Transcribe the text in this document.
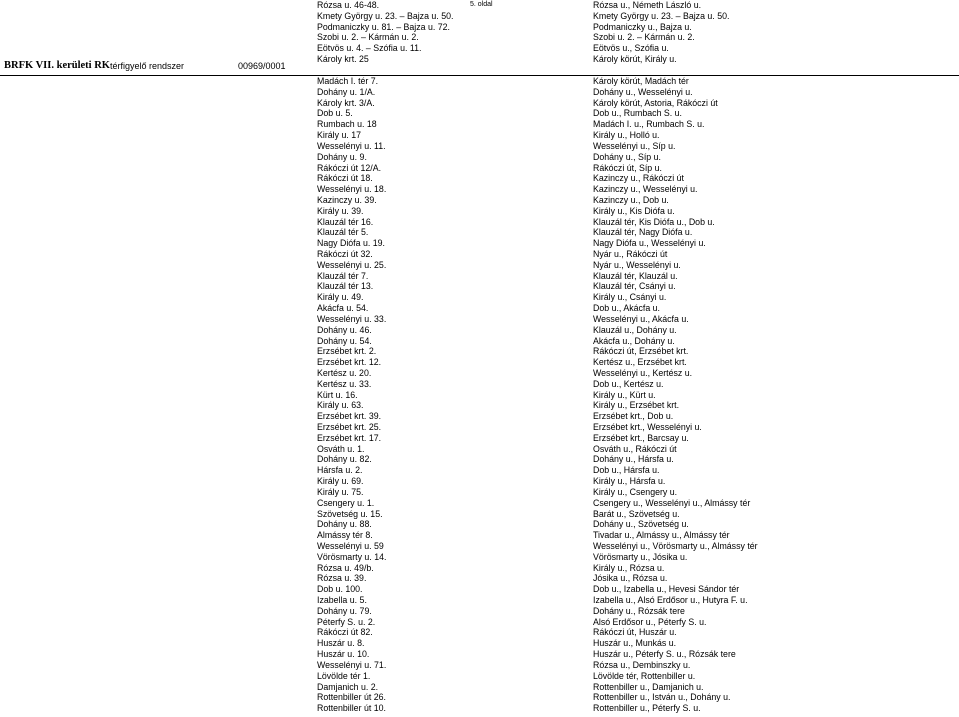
5. oldal
BRFK VII. kerületi RK térfigyelő rendszer	00969/0001
Rózsa u. 46-48.
Kmety György u. 23. – Bajza u. 50.
Podmaniczky u. 81. – Bajza u. 72.
Szobi u. 2. – Kármán u. 2.
Eötvös u. 4. – Szófia u. 11.
Károly krt. 25
Rózsa u., Németh László u.
Kmety György u. 23. – Bajza u. 50.
Podmaniczky u., Bajza u.
Szobi u. 2. – Kármán u. 2.
Eötvös u., Szófia u.
Károly körút, Király u.
Madách I. tér 7.
Dohány u. 1/A.
Károly krt. 3/A.
Dob u. 5.
Rumbach u. 18
Király u. 17
Wesselényi u. 11.
Dohány u. 9.
Rákóczi út 12/A.
Rákóczi út 18.
Wesselényi u. 18.
Kazinczy u. 39.
Király u. 39.
Klauzál tér 16.
Klauzál tér 5.
Nagy Diófa u. 19.
Rákóczi út 32.
Wesselényi u. 25.
Klauzál tér 7.
Klauzál tér 13.
Király u. 49.
Akácfa u. 54.
Wesselényi u. 33.
Dohány u. 46.
Dohány u. 54.
Erzsébet krt. 2.
Erzsébet krt. 12.
Kertész u. 20.
Kertész u. 33.
Kürt u. 16.
Király u. 63.
Erzsébet krt. 39.
Erzsébet krt. 25.
Erzsébet krt. 17.
Osváth u. 1.
Dohány u. 82.
Hársfa u. 2.
Király u. 69.
Király u. 75.
Csengery u. 1.
Szövetség u. 15.
Dohány u. 88.
Almássy tér 8.
Wesselényi u. 59
Vörösmarty u. 14.
Rózsa u. 49/b.
Rózsa u. 39.
Dob u. 100.
Izabella u. 5.
Dohány u. 79.
Péterfy S. u. 2.
Rákóczi út 82.
Huszár u. 8.
Huszár u. 10.
Wesselényi u. 71.
Lövölde tér 1.
Damjanich u. 2.
Rottenbiller út 26.
Rottenbiller út 10.
Károly körút, Madách tér
Dohány u., Wesselényi u.
Károly körút, Astoria, Rákóczi út
Dob u., Rumbach S. u.
Madách I. u., Rumbach S. u.
Király u., Holló u.
Wesselényi u., Síp u.
Dohány u., Síp u.
Rákóczi út, Síp u.
Kazinczy u., Rákóczi út
Kazinczy u., Wesselényi u.
Kazinczy u., Dob u.
Király u., Kis Diófa u.
Klauzál tér, Kis Diófa u., Dob u.
Klauzál tér, Nagy Diófa u.
Nagy Diófa u., Wesselényi u.
Nyár u., Rákóczi út
Nyár u., Wesselényi u.
Klauzál tér, Klauzál u.
Klauzál tér, Csányi u.
Király u., Csányi u.
Dob u., Akácfa u.
Wesselényi u., Akácfa u.
Klauzál u., Dohány u.
Akácfa u., Dohány u.
Rákóczi út, Erzsébet krt.
Kertész u., Erzsébet krt.
Wesselényi u., Kertész u.
Dob u., Kertész u.
Király u., Kürt u.
Király u., Erzsébet krt.
Erzsébet krt., Dob u.
Erzsébet krt., Wesselényi u.
Erzsébet krt., Barcsay u.
Osváth u., Rákóczi út
Dohány u., Hársfa u.
Dob u., Hársfa u.
Király u., Hársfa u.
Király u., Csengery u.
Csengery u., Wesselényi u., Almássy tér
Barát u., Szövetség u.
Dohány u., Szövetség u.
Tivadar u., Almássy u., Almássy tér
Wesselényi u., Vörösmarty u., Almássy tér
Vörösmarty u., Jósika u.
Király u., Rózsa u.
Jósika u., Rózsa u.
Dob u., Izabella u., Hevesi Sándor tér
Izabella u., Alsó Erdősor u., Hutyra F. u.
Dohány u., Rózsák tere
Alsó Erdősor u., Péterfy S. u.
Rákóczi út, Huszár u.
Huszár u., Munkás u.
Huszár u., Péterfy S. u., Rózsák tere
Rózsa u., Dembinszky u.
Lövölde tér, Rottenbiller u.
Rottenbiller u., Damjanich u.
Rottenbiller u., István u., Dohány u.
Rottenbiller u., Péterfy S. u.
